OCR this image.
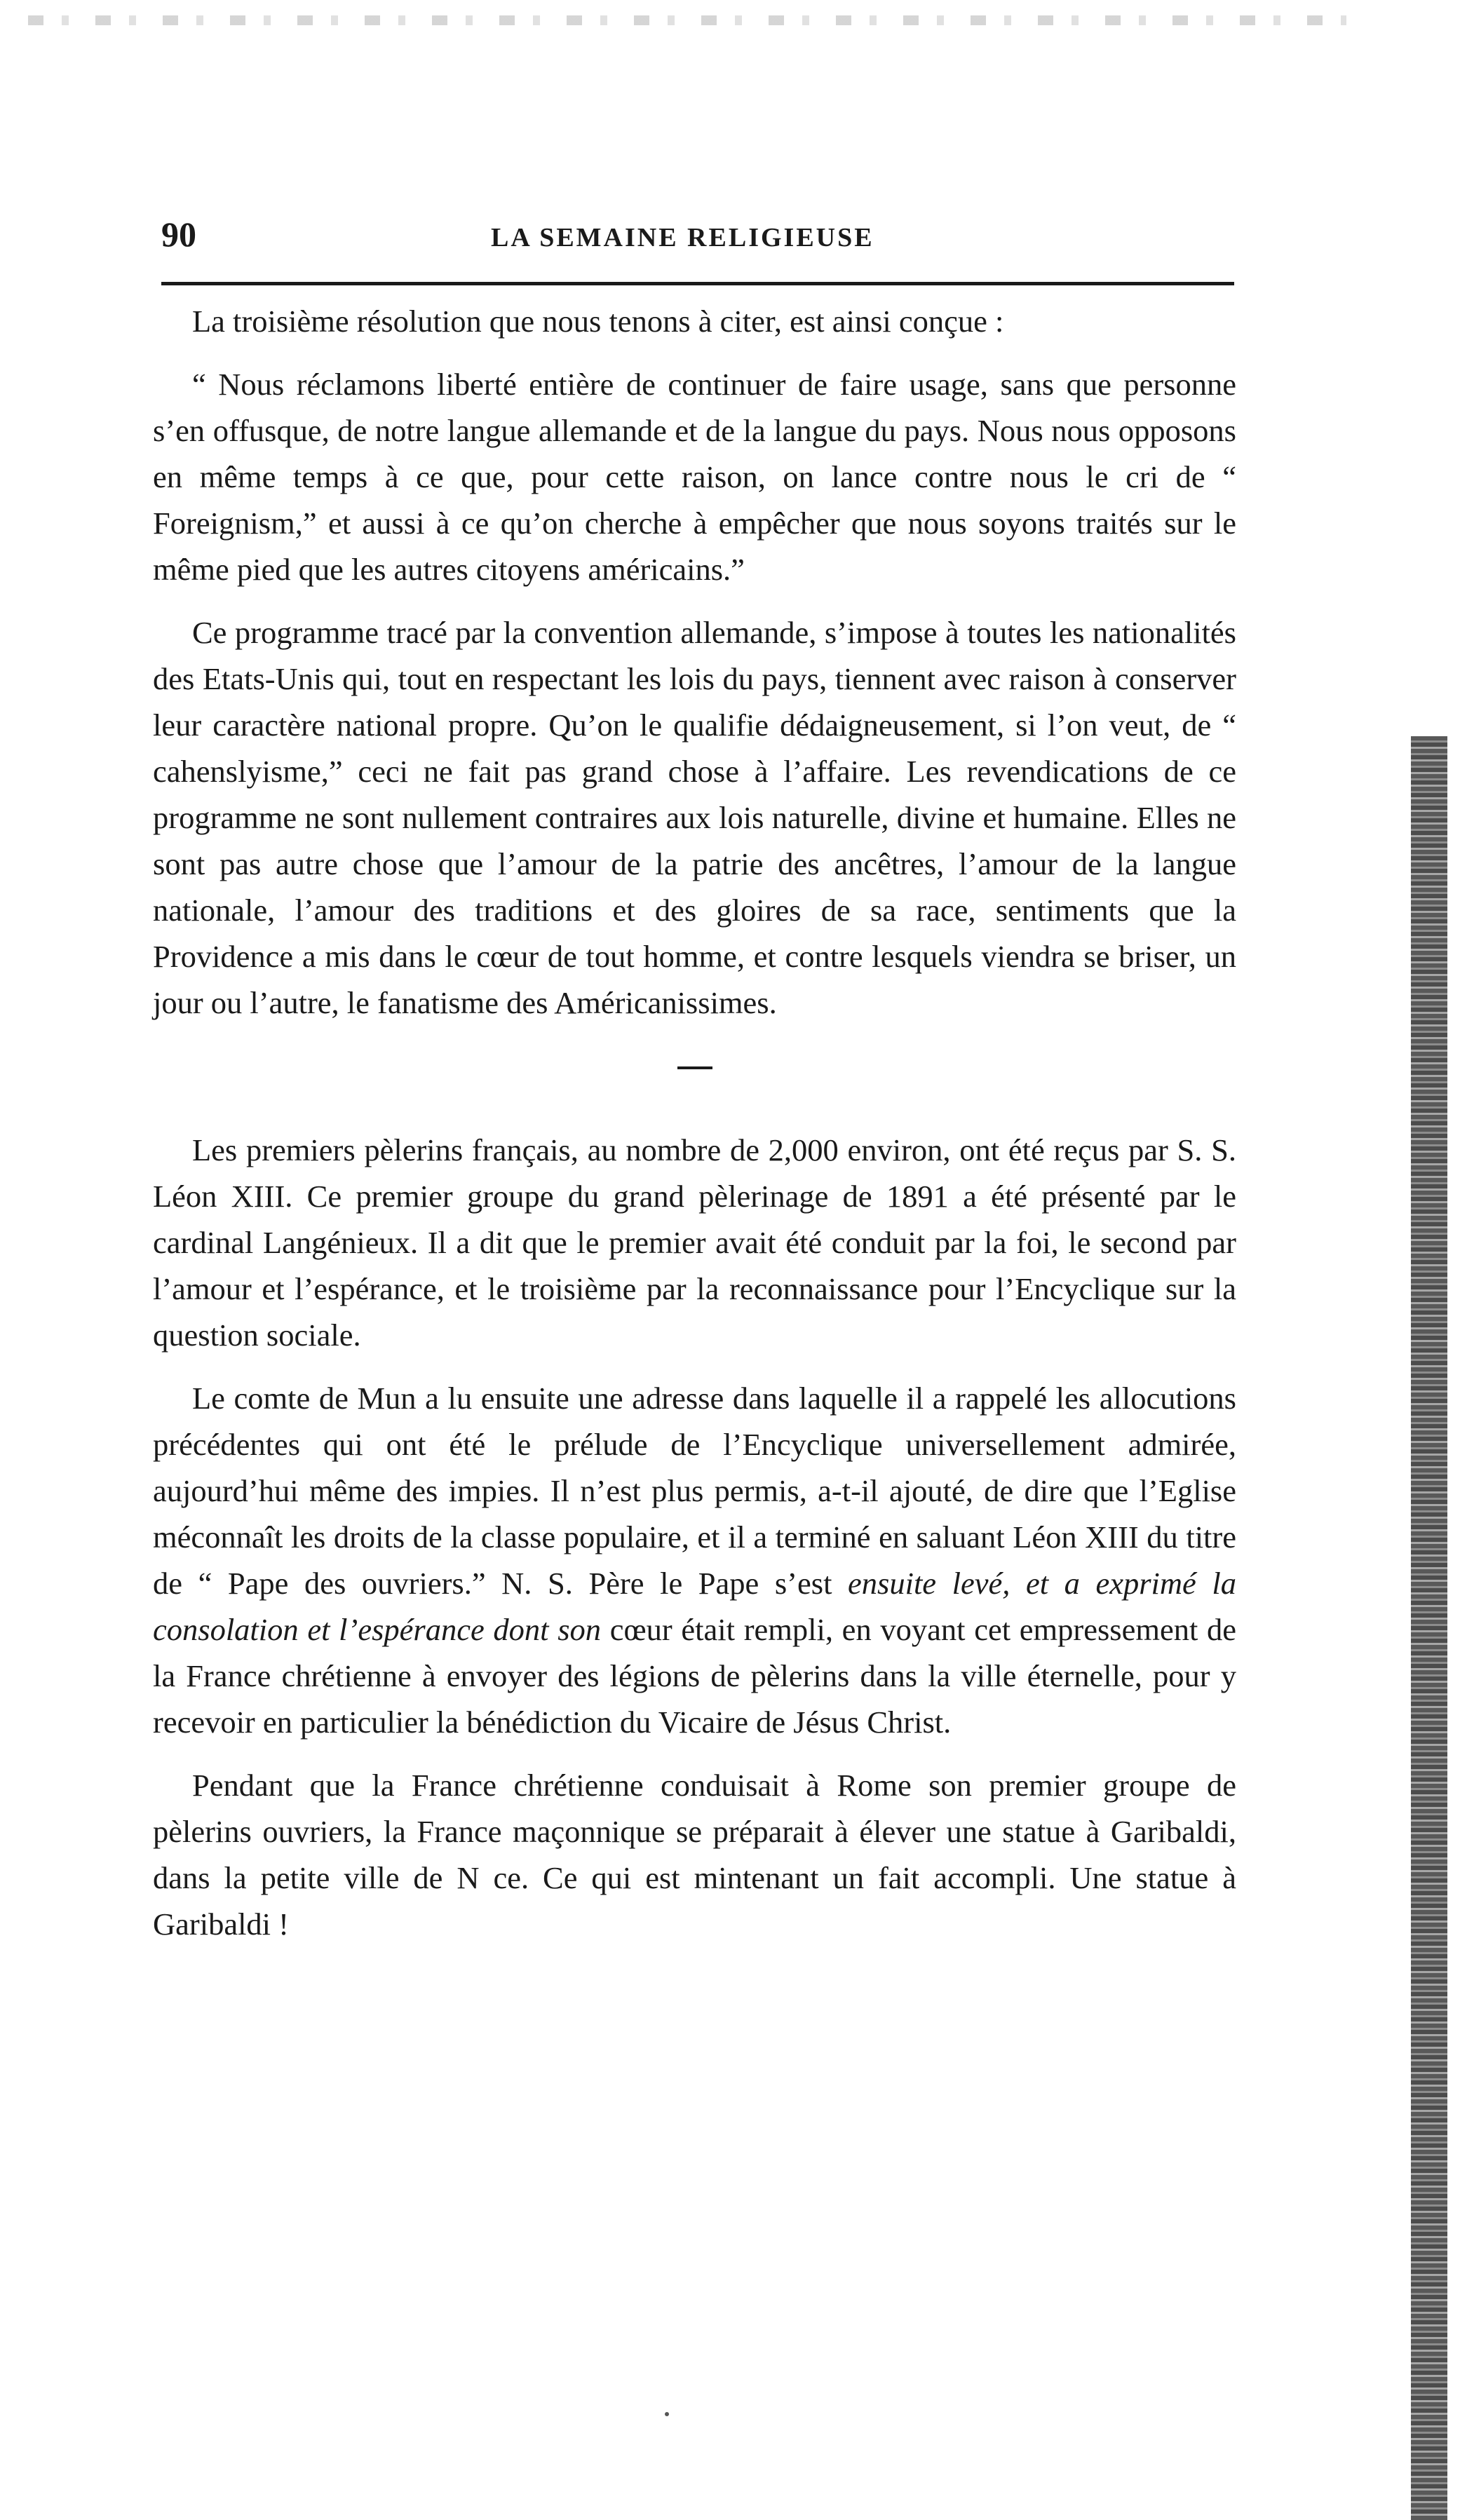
90	LA SEMAINE RELIGIEUSE

La troisième résolution que nous tenons à citer, est ainsi conçue :

“ Nous réclamons liberté entière de continuer de faire usage, sans que personne s’en offusque, de notre langue allemande et de la langue du pays. Nous nous opposons en même temps à ce que, pour cette raison, on lance contre nous le cri de “ Foreignism,” et aussi à ce qu’on cherche à empêcher que nous soyons traités sur le même pied que les autres citoyens américains.”

Ce programme tracé par la convention allemande, s’impose à toutes les nationalités des Etats-Unis qui, tout en respectant les lois du pays, tiennent avec raison à conserver leur caractère national propre. Qu’on le qualifie dédaigneusement, si l’on veut, de “ cahenslyisme,” ceci ne fait pas grand chose à l’affaire. Les revendications de ce programme ne sont nullement contraires aux lois naturelle, divine et humaine. Elles ne sont pas autre chose que l’amour de la patrie des ancêtres, l’amour de la langue nationale, l’amour des traditions et des gloires de sa race, sentiments que la Providence a mis dans le cœur de tout homme, et contre lesquels viendra se briser, un jour ou l’autre, le fanatisme des Américanissimes.

Les premiers pèlerins français, au nombre de 2,000 environ, ont été reçus par S. S. Léon XIII. Ce premier groupe du grand pèlerinage de 1891 a été présenté par le cardinal Langénieux. Il a dit que le premier avait été conduit par la foi, le second par l’amour et l’espérance, et le troisième par la reconnaissance pour l’Encyclique sur la question sociale.

Le comte de Mun a lu ensuite une adresse dans laquelle il a rappelé les allocutions précédentes qui ont été le prélude de l’Encyclique universellement admirée, aujourd’hui même des impies. Il n’est plus permis, a-t-il ajouté, de dire que l’Eglise méconnaît les droits de la classe populaire, et il a terminé en saluant Léon XIII du titre de “ Pape des ouvriers.” N. S. Père le Pape s’est ensuite levé, et a exprimé la consolation et l’espérance dont son cœur était rempli, en voyant cet empressement de la France chrétienne à envoyer des légions de pèlerins dans la ville éternelle, pour y recevoir en particulier la bénédiction du Vicaire de Jésus Christ.

Pendant que la France chrétienne conduisait à Rome son premier groupe de pèlerins ouvriers, la France maçonnique se préparait à élever une statue à Garibaldi, dans la petite ville de N ce. Ce qui est mintenant un fait accompli. Une statue à Garibaldi !
